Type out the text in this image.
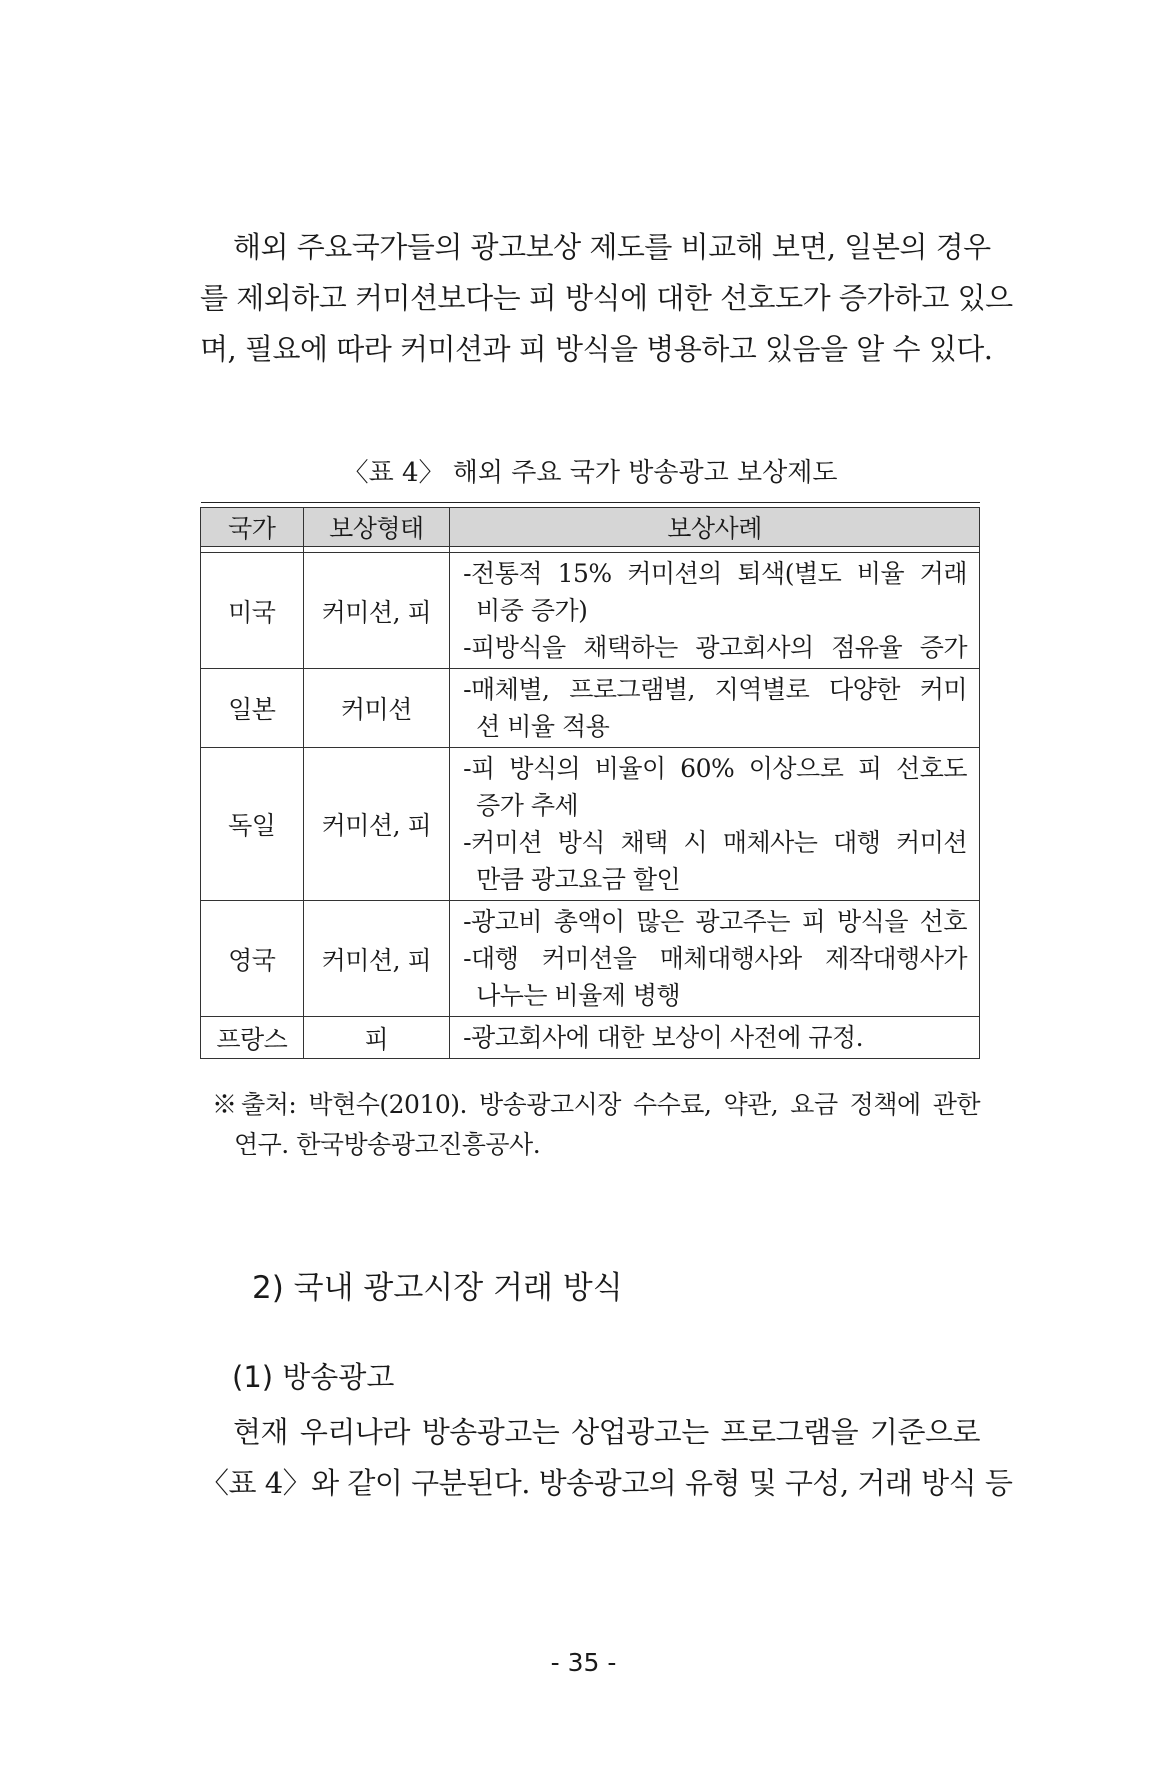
해외 주요국가들의 광고보상 제도를 비교해 보면, 일본의 경우
를 제외하고 커미션보다는 피 방식에 대한 선호도가 증가하고 있으
며, 필요에 따라 커미션과 피 방식을 병용하고 있음을 알 수 있다.
〈표 4〉 해외 주요 국가 방송광고 보상제도

국가	보상형태	보상사례

미국	커미션, 피	-전통적 15% 커미션의 퇴색(별도 비율 거래
비중 증가)
-피방식을 채택하는 광고회사의 점유율 증가

일본	커미션	-매체별, 프로그램별, 지역별로 다양한 커미
션 비율 적용

독일	커미션, 피	-피 방식의 비율이 60% 이상으로 피 선호도
증가 추세
-커미션 방식 채택 시 매체사는 대행 커미션
만큼 광고요금 할인

영국	커미션, 피	-광고비 총액이 많은 광고주는 피 방식을 선호
-대행 커미션을 매체대행사와 제작대행사가
나누는 비율제 병행

프랑스	피	-광고회사에 대한 보상이 사전에 규정.
※출처: 박현수(2010). 방송광고시장 수수료, 약관, 요금 정책에 관한
연구. 한국방송광고진흥공사.
2) 국내 광고시장 거래 방식
(1) 방송광고
현재 우리나라 방송광고는 상업광고는 프로그램을 기준으로
〈표 4〉와 같이 구분된다. 방송광고의 유형 및 구성, 거래 방식 등
- 35 -
